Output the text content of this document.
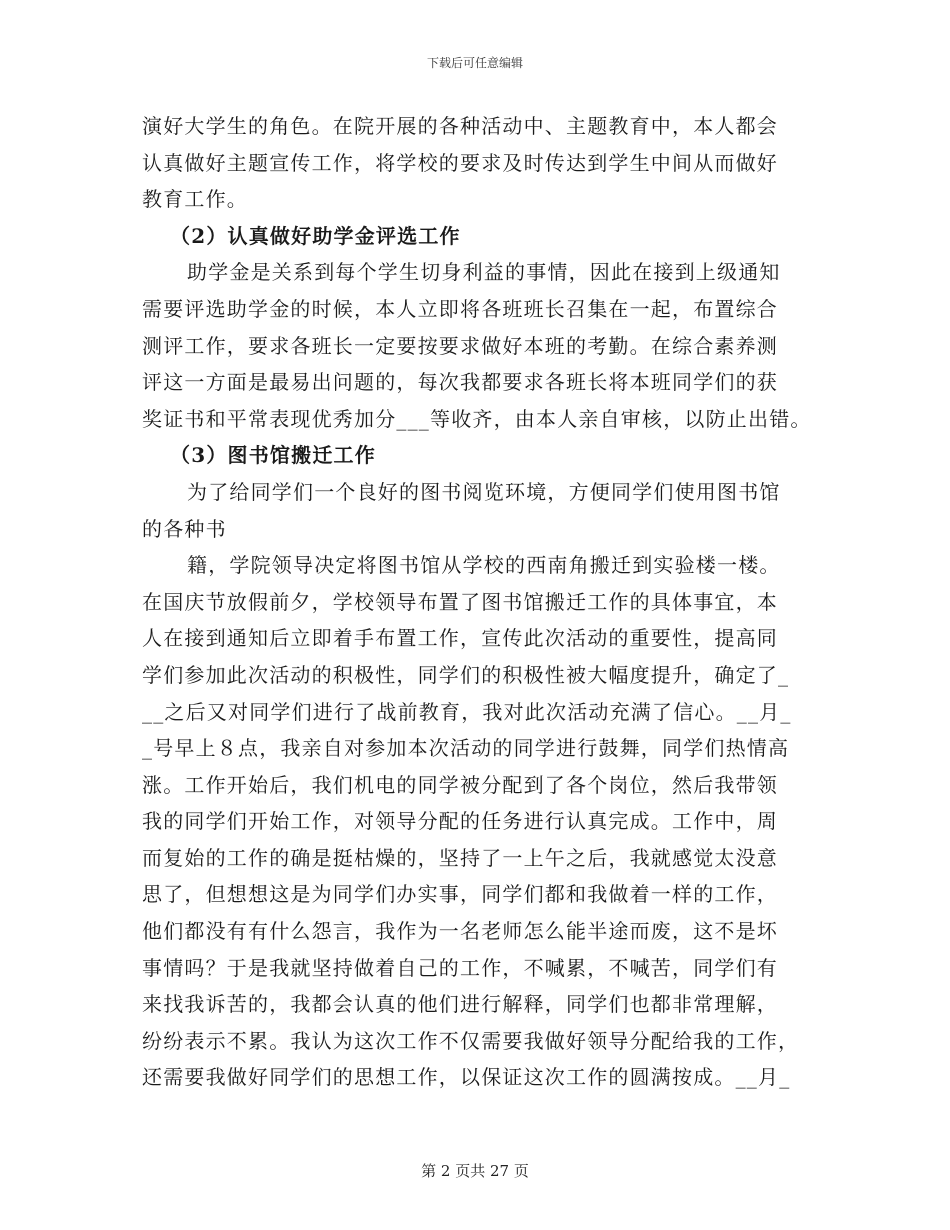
下载后可任意编辑
演好大学生的角色。在院开展的各种活动中、主题教育中，本人都会
认真做好主题宣传工作，将学校的要求及时传达到学生中间从而做好
教育工作。
（2）认真做好助学金评选工作
助学金是关系到每个学生切身利益的事情，因此在接到上级通知
需要评选助学金的时候，本人立即将各班班长召集在一起，布置综合
测评工作，要求各班长一定要按要求做好本班的考勤。在综合素养测
评这一方面是最易出问题的，每次我都要求各班长将本班同学们的获
奖证书和平常表现优秀加分___等收齐，由本人亲自审核，以防止出错。
（3）图书馆搬迁工作
为了给同学们一个良好的图书阅览环境，方便同学们使用图书馆
的各种书
籍，学院领导决定将图书馆从学校的西南角搬迁到实验楼一楼。
在国庆节放假前夕，学校领导布置了图书馆搬迁工作的具体事宜，本
人在接到通知后立即着手布置工作，宣传此次活动的重要性，提高同
学们参加此次活动的积极性，同学们的积极性被大幅度提升，确定了_
__之后又对同学们进行了战前教育，我对此次活动充满了信心。__月_
_号早上８点，我亲自对参加本次活动的同学进行鼓舞，同学们热情高
涨。工作开始后，我们机电的同学被分配到了各个岗位，然后我带领
我的同学们开始工作，对领导分配的任务进行认真完成。工作中，周
而复始的工作的确是挺枯燥的，坚持了一上午之后，我就感觉太没意
思了，但想想这是为同学们办实事，同学们都和我做着一样的工作，
他们都没有有什么怨言，我作为一名老师怎么能半途而废，这不是坏
事情吗？于是我就坚持做着自己的工作，不喊累，不喊苦，同学们有
来找我诉苦的，我都会认真的他们进行解释，同学们也都非常理解，
纷纷表示不累。我认为这次工作不仅需要我做好领导分配给我的工作，
还需要我做好同学们的思想工作，以保证这次工作的圆满按成。__月_
第 2 页共 27 页
